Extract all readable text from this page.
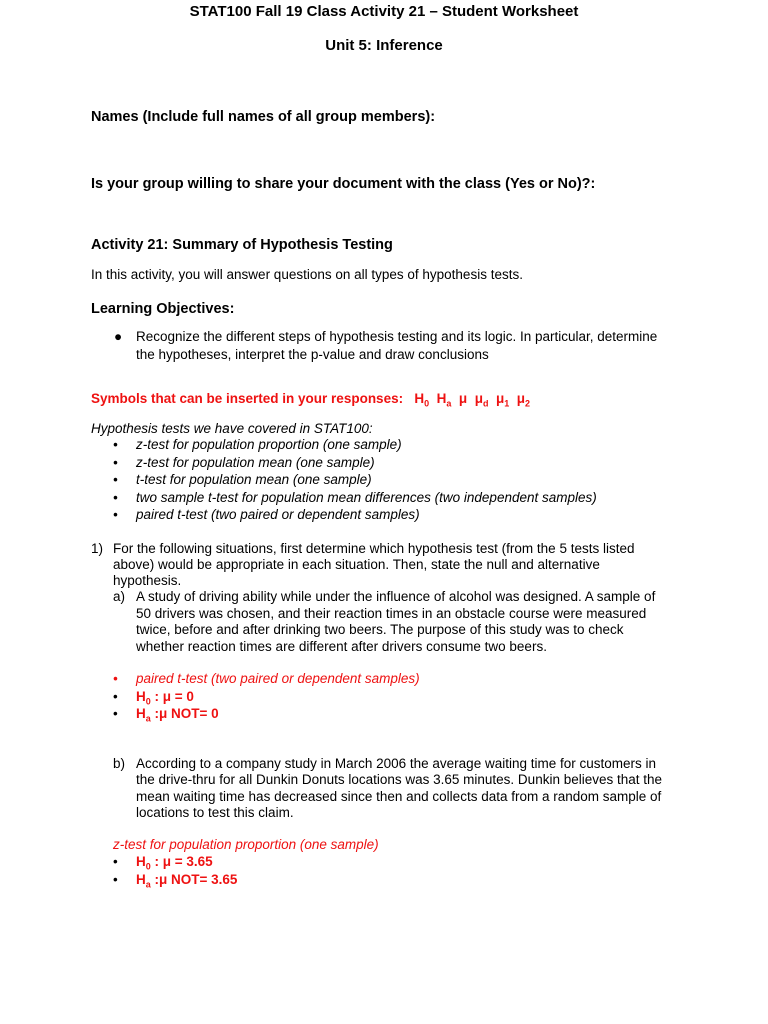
STAT100 Fall 19 Class Activity 21 – Student Worksheet
Unit 5: Inference
Names (Include full names of all group members):
Is your group willing to share your document with the class (Yes or No)?:
Activity 21: Summary of Hypothesis Testing
In this activity, you will answer questions on all types of hypothesis tests.
Learning Objectives:
● Recognize the different steps of hypothesis testing and its logic. In particular, determine
the hypotheses, interpret the p-value and draw conclusions
Symbols that can be inserted in your responses: $H_0$ $H_a$ μ $\mu_d$ $\mu_1$ $\mu_2$
Hypothesis tests we have covered in STAT100:
• z-test for population proportion (one sample)
• z-test for population mean (one sample)
• t-test for population mean (one sample)
• two sample t-test for population mean differences (two independent samples)
• paired t-test (two paired or dependent samples)
1) For the following situations, first determine which hypothesis test (from the 5 tests listed
above) would be appropriate in each situation. Then, state the null and alternative
hypothesis.
a) A study of driving ability while under the influence of alcohol was designed. A sample of
50 drivers was chosen, and their reaction times in an obstacle course were measured
twice, before and after drinking two beers. The purpose of this study was to check
whether reaction times are different after drivers consume two beers.
• paired t-test (two paired or dependent samples)
• $H_0$ : μ = 0
• $H_a$ :μ NOT= 0
b) According to a company study in March 2006 the average waiting time for customers in
the drive-thru for all Dunkin Donuts locations was 3.65 minutes. Dunkin believes that the
mean waiting time has decreased since then and collects data from a random sample of
locations to test this claim.
z-test for population proportion (one sample)
• $H_0$ : μ = 3.65
• $H_a$ :μ NOT= 3.65
